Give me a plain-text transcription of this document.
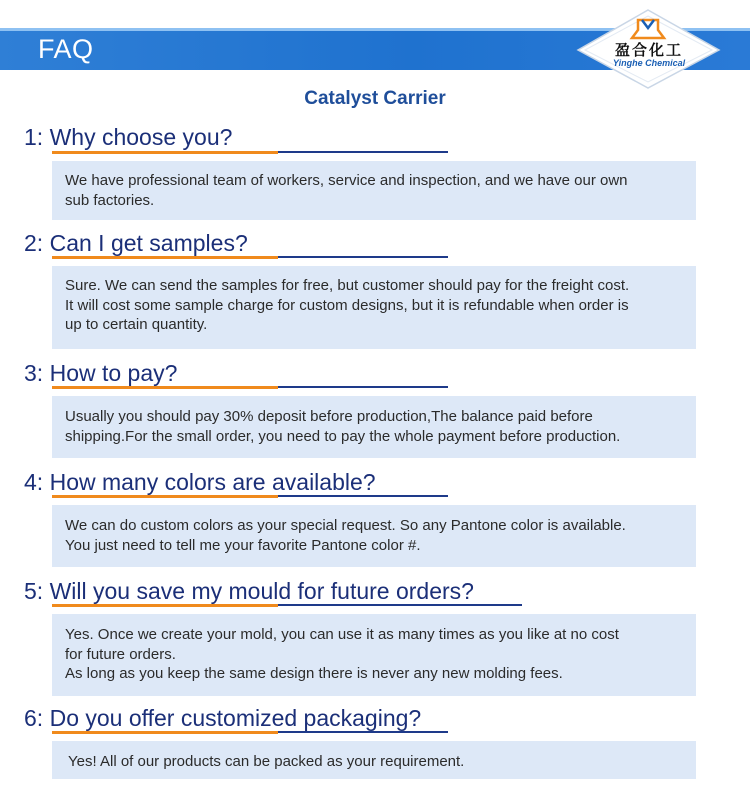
FAQ	盈合化工
Yinghe Chemical
Catalyst Carrier
1: Why choose you?

We have professional team of workers, service and inspection, and we have our own

sub factories.

2: Can I get samples?

Sure. We can send the samples for free, but customer should pay for the freight cost.

It will cost some sample charge for custom designs, but it is refundable when order is

up to certain quantity.

3: How to pay?

Usually you should pay 30% deposit before production,The balance paid before

shipping.For the small order, you need to pay the whole payment before production.

4: How many colors are available?

We can do custom colors as your special request. So any Pantone color is available.

You just need to tell me your favorite Pantone color #.

5: Will you save my mould for future orders?

Yes. Once we create your mold, you can use it as many times as you like at no cost

for future orders.

As long as you keep the same design there is never any new molding fees.

6: Do you offer customized packaging?

Yes! All of our products can be packed as your requirement.
